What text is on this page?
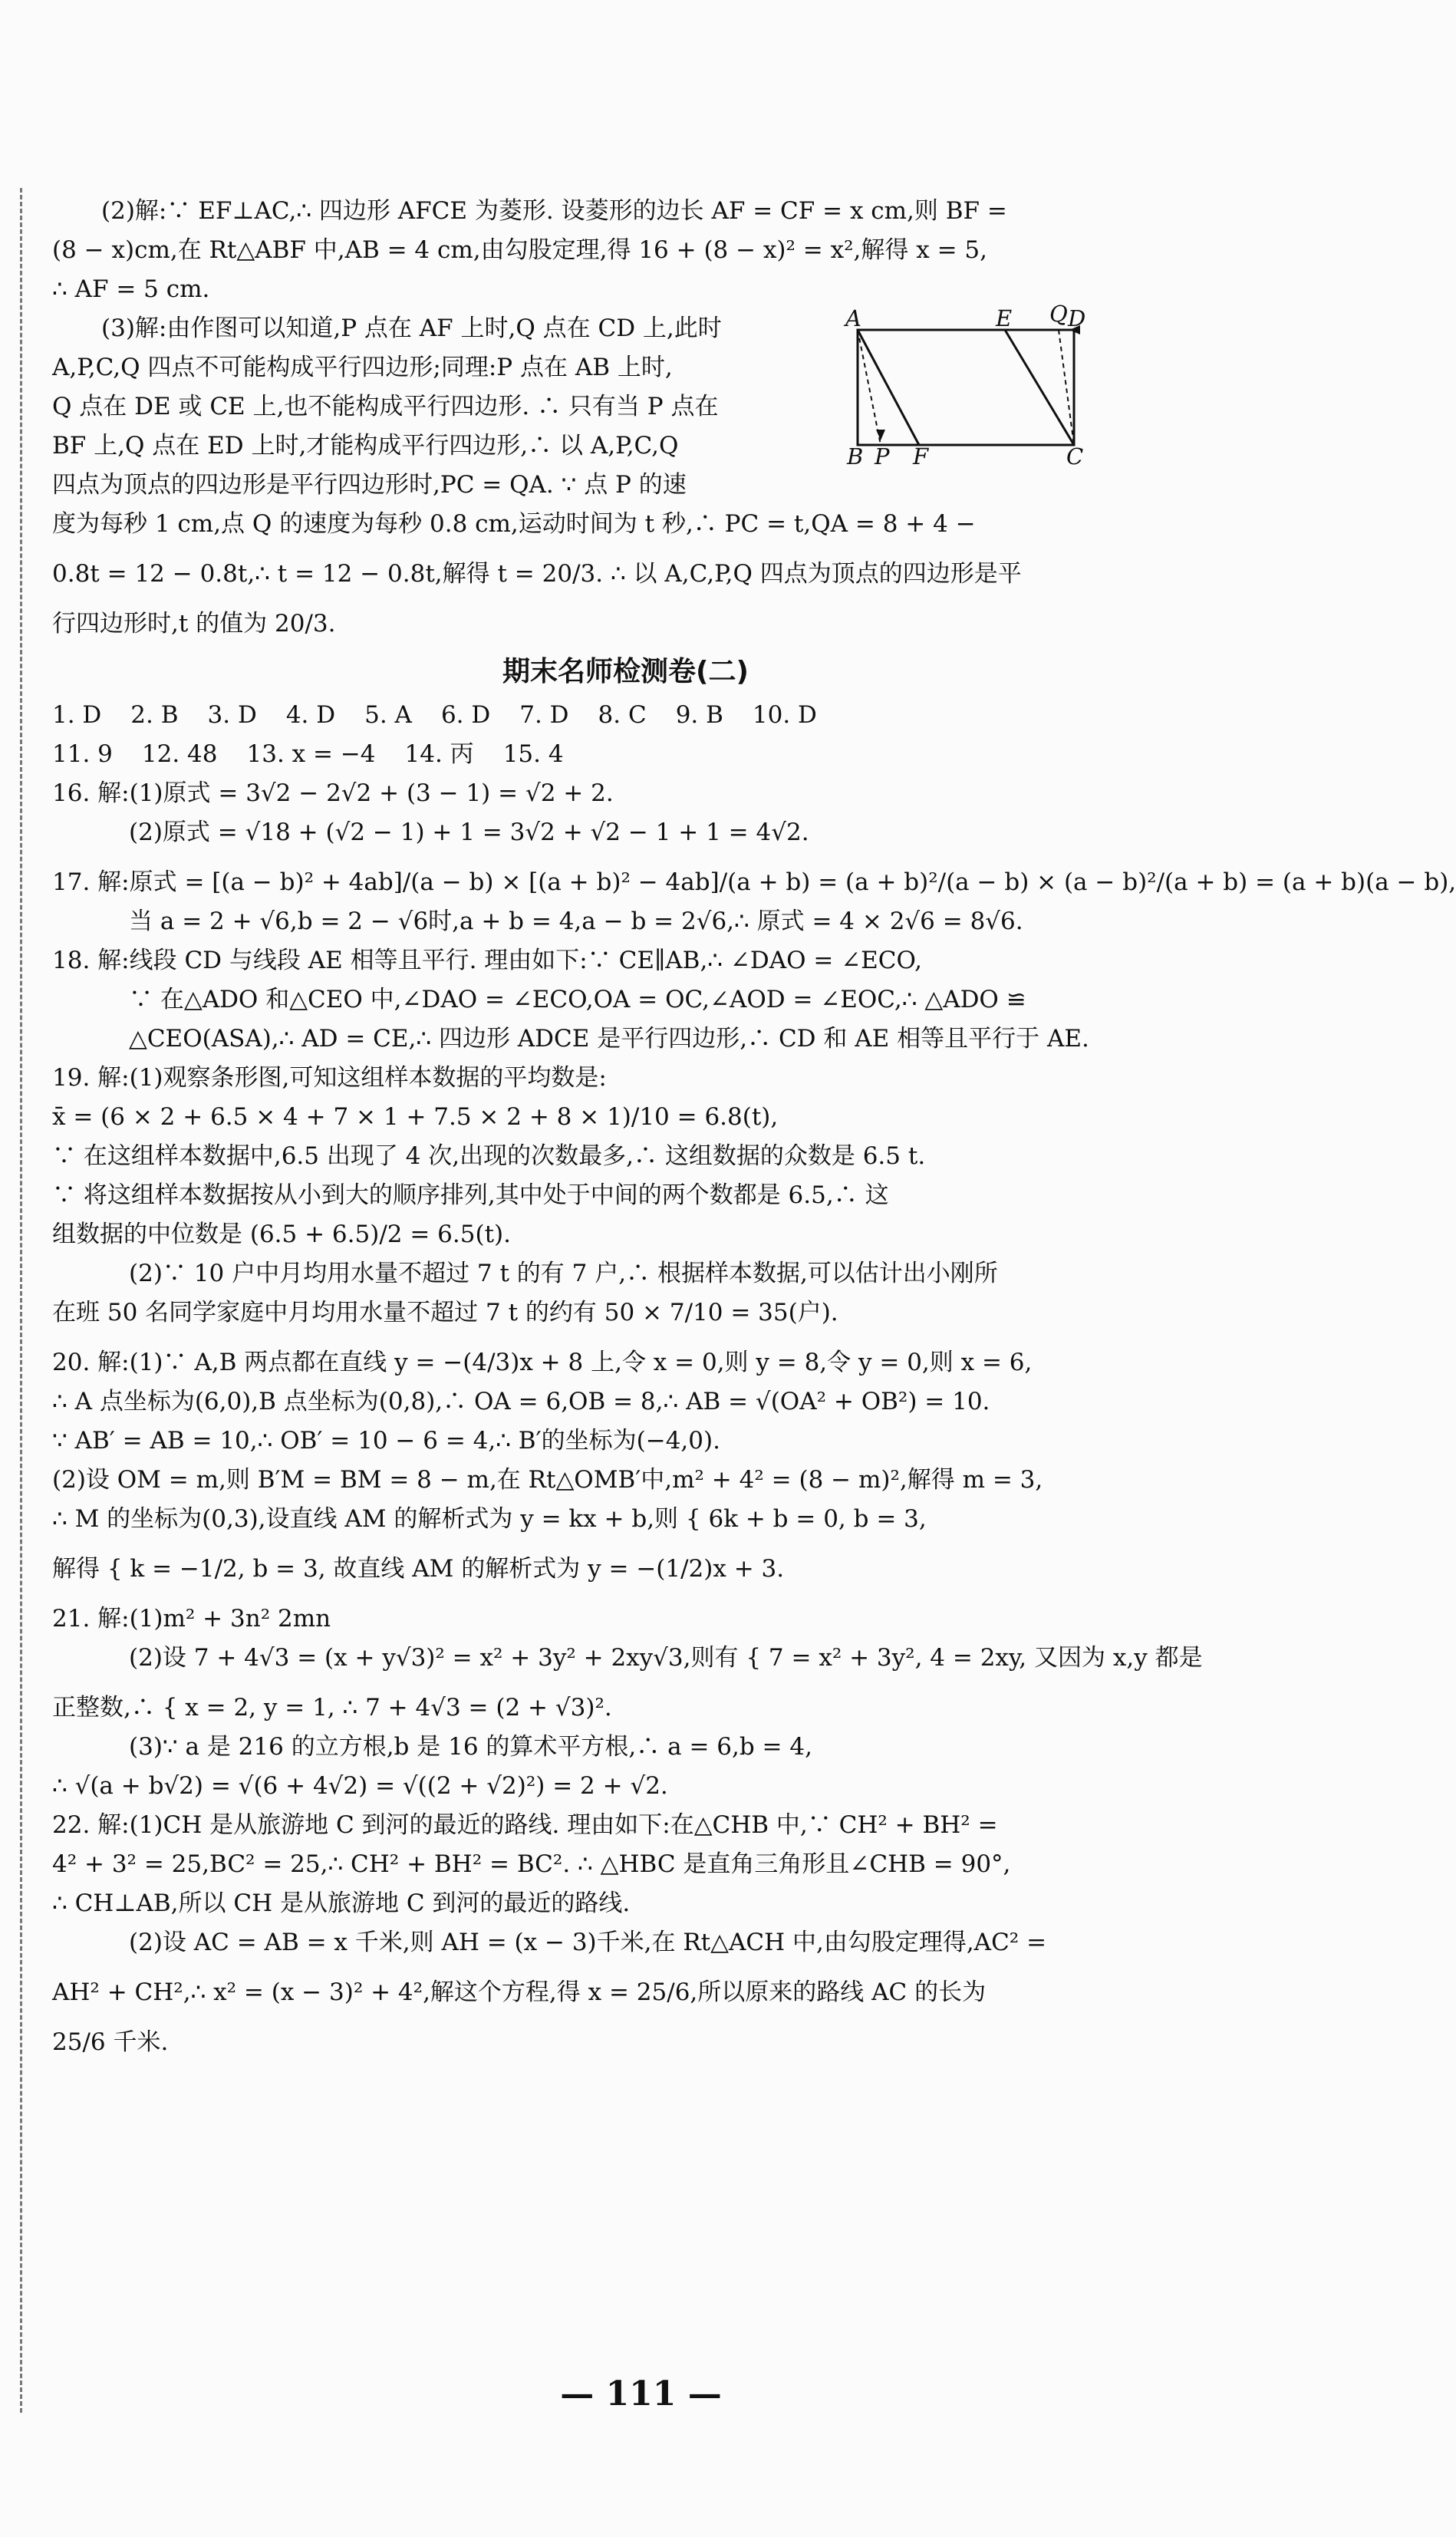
(2)解:∵ EF⊥AC,∴ 四边形 AFCE 为菱形. 设菱形的边长 AF = CF = x cm,则 BF =
(8 − x)cm,在 Rt△ABF 中,AB = 4 cm,由勾股定理,得 16 + (8 − x)² = x²,解得 x = 5,
∴ AF = 5 cm.
(3)解:由作图可以知道,P 点在 AF 上时,Q 点在 CD 上,此时
A,P,C,Q 四点不可能构成平行四边形;同理:P 点在 AB 上时,
Q 点在 DE 或 CE 上,也不能构成平行四边形. ∴ 只有当 P 点在
BF 上,Q 点在 ED 上时,才能构成平行四边形,∴ 以 A,P,C,Q
四点为顶点的四边形是平行四边形时,PC = QA. ∵ 点 P 的速
度为每秒 1 cm,点 Q 的速度为每秒 0.8 cm,运动时间为 t 秒,∴ PC = t,QA = 8 + 4 −
0.8t = 12 − 0.8t,∴ t = 12 − 0.8t,解得 t = 20/3. ∴ 以 A,C,P,Q 四点为顶点的四边形是平
行四边形时,t 的值为 20/3.
期末名师检测卷(二)
1. D 2. B 3. D 4. D 5. A 6. D 7. D 8. C 9. B 10. D
11. 9 12. 48 13. x = −4 14. 丙 15. 4
16. 解:(1)原式 = 3√2 − 2√2 + (3 − 1) = √2 + 2.
(2)原式 = √18 + (√2 − 1) + 1 = 3√2 + √2 − 1 + 1 = 4√2.
17. 解:原式 = [(a − b)² + 4ab]/(a − b) × [(a + b)² − 4ab]/(a + b) = (a + b)²/(a − b) × (a − b)²/(a + b) = (a + b)(a − b),
当 a = 2 + √6,b = 2 − √6时,a + b = 4,a − b = 2√6,∴ 原式 = 4 × 2√6 = 8√6.
18. 解:线段 CD 与线段 AE 相等且平行. 理由如下:∵ CE∥AB,∴ ∠DAO = ∠ECO,
∵ 在△ADO 和△CEO 中,∠DAO = ∠ECO,OA = OC,∠AOD = ∠EOC,∴ △ADO ≌
△CEO(ASA),∴ AD = CE,∴ 四边形 ADCE 是平行四边形,∴ CD 和 AE 相等且平行于 AE.
19. 解:(1)观察条形图,可知这组样本数据的平均数是:
x̄ = (6 × 2 + 6.5 × 4 + 7 × 1 + 7.5 × 2 + 8 × 1)/10 = 6.8(t),
∵ 在这组样本数据中,6.5 出现了 4 次,出现的次数最多,∴ 这组数据的众数是 6.5 t.
∵ 将这组样本数据按从小到大的顺序排列,其中处于中间的两个数都是 6.5,∴ 这
组数据的中位数是 (6.5 + 6.5)/2 = 6.5(t).
(2)∵ 10 户中月均用水量不超过 7 t 的有 7 户,∴ 根据样本数据,可以估计出小刚所
在班 50 名同学家庭中月均用水量不超过 7 t 的约有 50 × 7/10 = 35(户).
20. 解:(1)∵ A,B 两点都在直线 y = −(4/3)x + 8 上,令 x = 0,则 y = 8,令 y = 0,则 x = 6,
∴ A 点坐标为(6,0),B 点坐标为(0,8),∴ OA = 6,OB = 8,∴ AB = √(OA² + OB²) = 10.
∵ AB′ = AB = 10,∴ OB′ = 10 − 6 = 4,∴ B′的坐标为(−4,0).
(2)设 OM = m,则 B′M = BM = 8 − m,在 Rt△OMB′中,m² + 4² = (8 − m)²,解得 m = 3,
∴ M 的坐标为(0,3),设直线 AM 的解析式为 y = kx + b,则 { 6k + b = 0, b = 3,
解得 { k = −1/2, b = 3, 故直线 AM 的解析式为 y = −(1/2)x + 3.
21. 解:(1)m² + 3n² 2mn
(2)设 7 + 4√3 = (x + y√3)² = x² + 3y² + 2xy√3,则有 { 7 = x² + 3y², 4 = 2xy, 又因为 x,y 都是
正整数,∴ { x = 2, y = 1, ∴ 7 + 4√3 = (2 + √3)².
(3)∵ a 是 216 的立方根,b 是 16 的算术平方根,∴ a = 6,b = 4,
∴ √(a + b√2) = √(6 + 4√2) = √((2 + √2)²) = 2 + √2.
22. 解:(1)CH 是从旅游地 C 到河的最近的路线. 理由如下:在△CHB 中,∵ CH² + BH² =
4² + 3² = 25,BC² = 25,∴ CH² + BH² = BC². ∴ △HBC 是直角三角形且∠CHB = 90°,
∴ CH⊥AB,所以 CH 是从旅游地 C 到河的最近的路线.
(2)设 AC = AB = x 千米,则 AH = (x − 3)千米,在 Rt△ACH 中,由勾股定理得,AC² =
AH² + CH²,∴ x² = (x − 3)² + 4²,解这个方程,得 x = 25/6,所以原来的路线 AC 的长为
25/6 千米.
A	E Q D
B P F	C
— 111 —
